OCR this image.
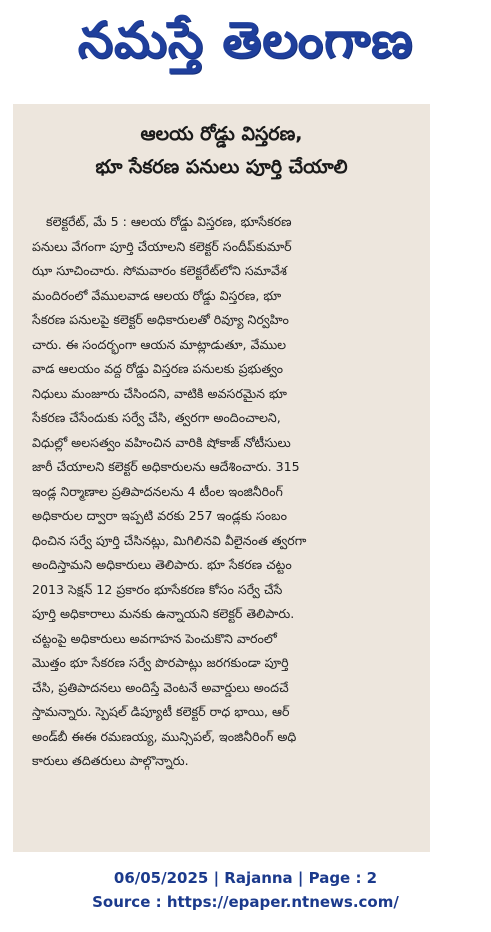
నమస్తే తెలంగాణ
ఆలయ రోడ్డు విస్తరణ,
భూ సేకరణ పనులు పూర్తి చేయాలి
కలెక్టరేట్, మే 5 : ఆలయ రోడ్డు విస్తరణ, భూసేకరణ
పనులు వేగంగా పూర్తి చేయాలని కలెక్టర్ సందీప్‌కుమార్
ఝా సూచించారు. సోమవారం కలెక్టరేట్‌లోని సమావేశ
మందిరంలో వేములవాడ ఆలయ రోడ్డు విస్తరణ, భూ
సేకరణ పనులపై కలెక్టర్ అధికారులతో రివ్యూ నిర్వహిం
చారు. ఈ సందర్భంగా ఆయన మాట్లాడుతూ, వేముల
వాడ ఆలయం వద్ద రోడ్డు విస్తరణ పనులకు ప్రభుత్వం
నిధులు మంజూరు చేసిందని, వాటికి అవసరమైన భూ
సేకరణ చేసేందుకు సర్వే చేసి, త్వరగా అందించాలని,
విధుల్లో అలసత్వం వహించిన వారికి షోకాజ్ నోటీసులు
జారీ చేయాలని కలెక్టర్ అధికారులను ఆదేశించారు. 315
ఇండ్ల నిర్మాణాల ప్రతిపాదనలను 4 టీంల ఇంజినీరింగ్
అధికారుల ద్వారా ఇప్పటి వరకు 257 ఇండ్లకు సంబం
ధించిన సర్వే పూర్తి చేసినట్లు, మిగిలినవి వీలైనంత త్వరగా
అందిస్తామని అధికారులు తెలిపారు. భూ సేకరణ చట్టం
2013 సెక్షన్ 12 ప్రకారం భూసేకరణ కోసం సర్వే చేసే
పూర్తి అధికారాలు మనకు ఉన్నాయని కలెక్టర్ తెలిపారు.
చట్టంపై అధికారులు అవగాహన పెంచుకొని వారంలో
మొత్తం భూ సేకరణ సర్వే పొరపాట్లు జరగకుండా పూర్తి
చేసి, ప్రతిపాదనలు అందిస్తే వెంటనే అవార్డులు అందచే
స్తామన్నారు. స్పెషల్ డిప్యూటీ కలెక్టర్ రాధ భాయి, ఆర్
అండ్‌బీ ఈఈ రమణయ్య, మున్సిపల్, ఇంజినీరింగ్ అధి
కారులు తదితరులు పాల్గొన్నారు.
06/05/2025 | Rajanna | Page : 2
Source : https://epaper.ntnews.com/
